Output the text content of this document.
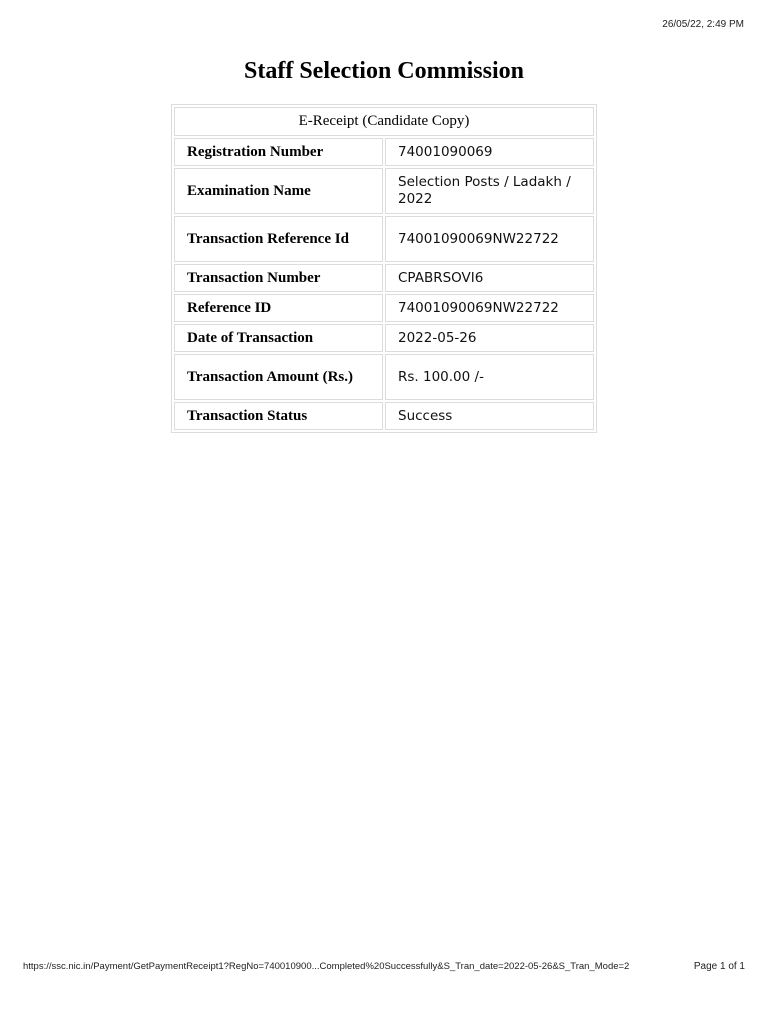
26/05/22, 2:49 PM
Staff Selection Commission
E-Receipt (Candidate Copy)	
Registration Number	74001090069
Examination Name	Selection Posts / Ladakh / 2022
Transaction Reference Id	74001090069NW22722
Transaction Number	CPABRSOVI6
Reference ID	74001090069NW22722
Date of Transaction	2022-05-26
Transaction Amount (Rs.)	Rs. 100.00 /-
Transaction Status	Success
https://ssc.nic.in/Payment/GetPaymentReceipt1?RegNo=740010900...Completed%20Successfully&S_Tran_date=2022-05-26&S_Tran_Mode=2	Page 1 of 1
